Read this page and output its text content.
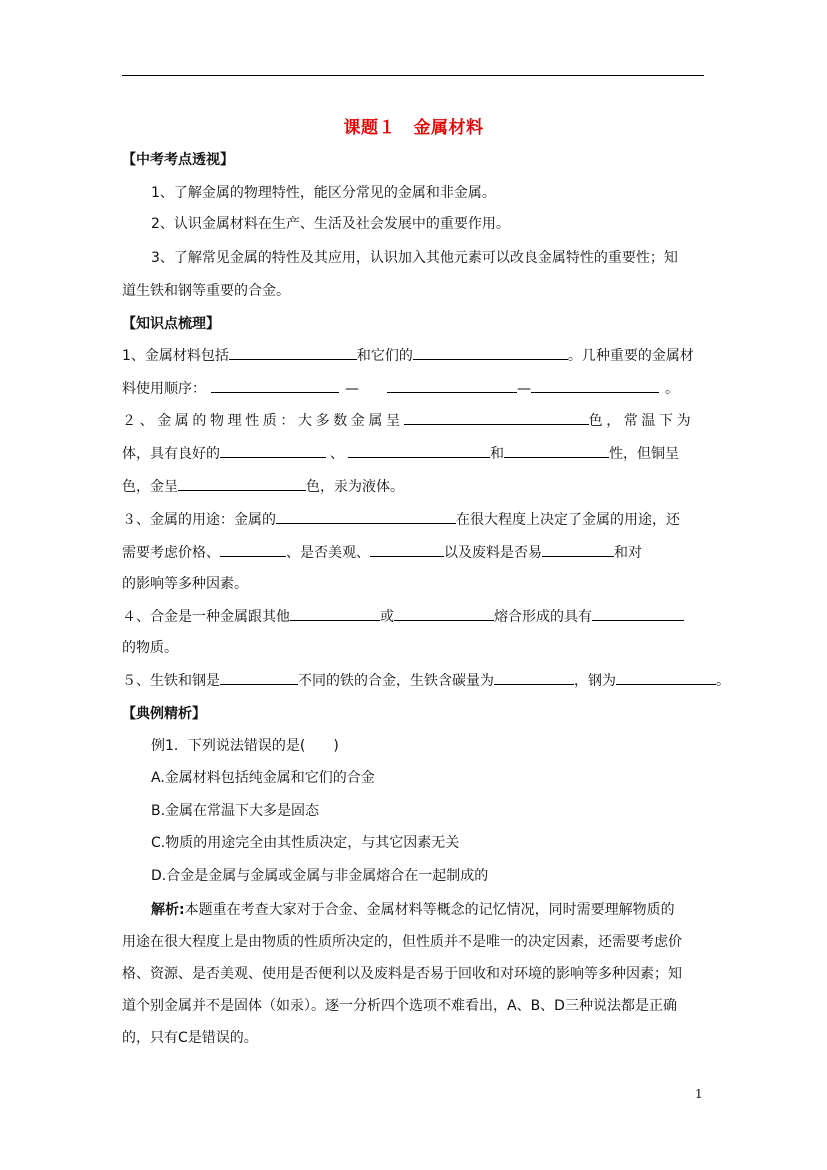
课题１　金属材料
【中考考点透视】
1、了解金属的物理特性，能区分常见的金属和非金属。
2、认识金属材料在生产、生活及社会发展中的重要作用。
3、了解常见金属的特性及其应用，认识加入其他元素可以改良金属特性的重要性；知
道生铁和钢等重要的合金。
【知识点梳理】
1、金属材料包括	和它们的	。几种重要的金属材
料使用顺序：	—	—	。
２、金属的物理性质：大多数金属呈	色，常温下为
体，具有良好的	、	和	性，但铜呈
色，金呈	色，汞为液体。
３、金属的用途：金属的	在很大程度上决定了金属的用途，还
需要考虑价格、	、是否美观、	以及废料是否易	和对
的影响等多种因素。
４、合金是一种金属跟其他	或	熔合形成的具有
的物质。
５、生铁和钢是	不同的铁的合金，生铁含碳量为	，钢为	。
【典例精析】
例1．下列说法错误的是(　　)
A.金属材料包括纯金属和它们的合金
B.金属在常温下大多是固态
C.物质的用途完全由其性质决定，与其它因素无关
D.合金是金属与金属或金属与非金属熔合在一起制成的
解析:本题重在考查大家对于合金、金属材料等概念的记忆情况，同时需要理解物质的
用途在很大程度上是由物质的性质所决定的，但性质并不是唯一的决定因素，还需要考虑价
格、资源、是否美观、使用是否便利以及废料是否易于回收和对环境的影响等多种因素；知
道个别金属并不是固体（如汞）。逐一分析四个选项不难看出，A、B、D三种说法都是正确
的，只有C是错误的。
1
